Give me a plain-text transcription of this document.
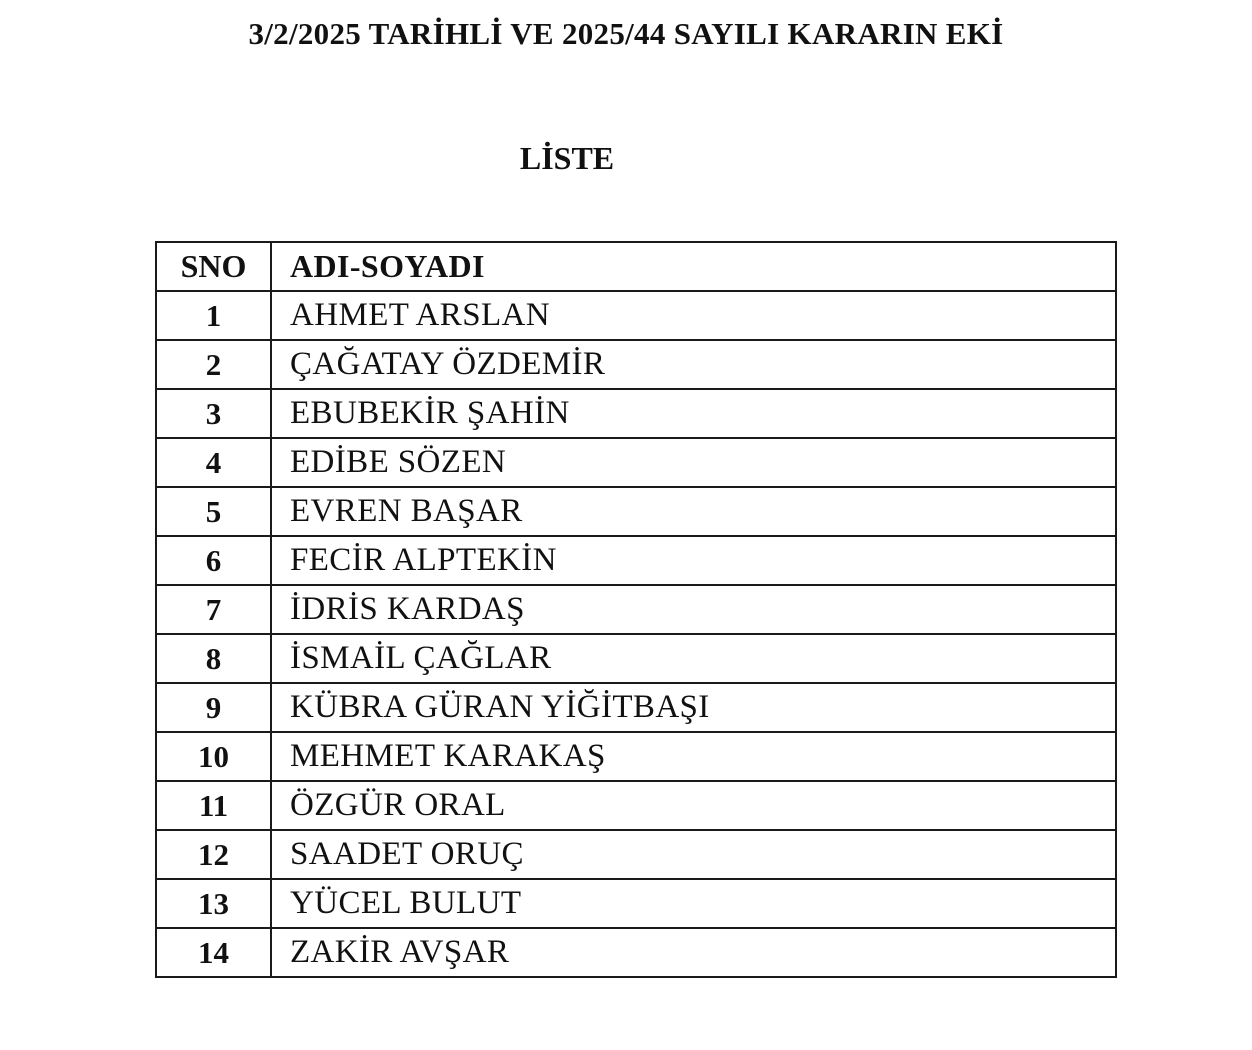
3/2/2025 TARİHLİ VE 2025/44 SAYILI KARARIN EKİ
LİSTE
SNO	ADI-SOYADI
1	AHMET ARSLAN
2	ÇAĞATAY ÖZDEMİR
3	EBUBEKİR ŞAHİN
4	EDİBE SÖZEN
5	EVREN BAŞAR
6	FECİR ALPTEKİN
7	İDRİS KARDAŞ
8	İSMAİL ÇAĞLAR
9	KÜBRA GÜRAN YİĞİTBAŞI
10	MEHMET KARAKAŞ
11	ÖZGÜR ORAL
12	SAADET ORUÇ
13	YÜCEL BULUT
14	ZAKİR AVŞAR
